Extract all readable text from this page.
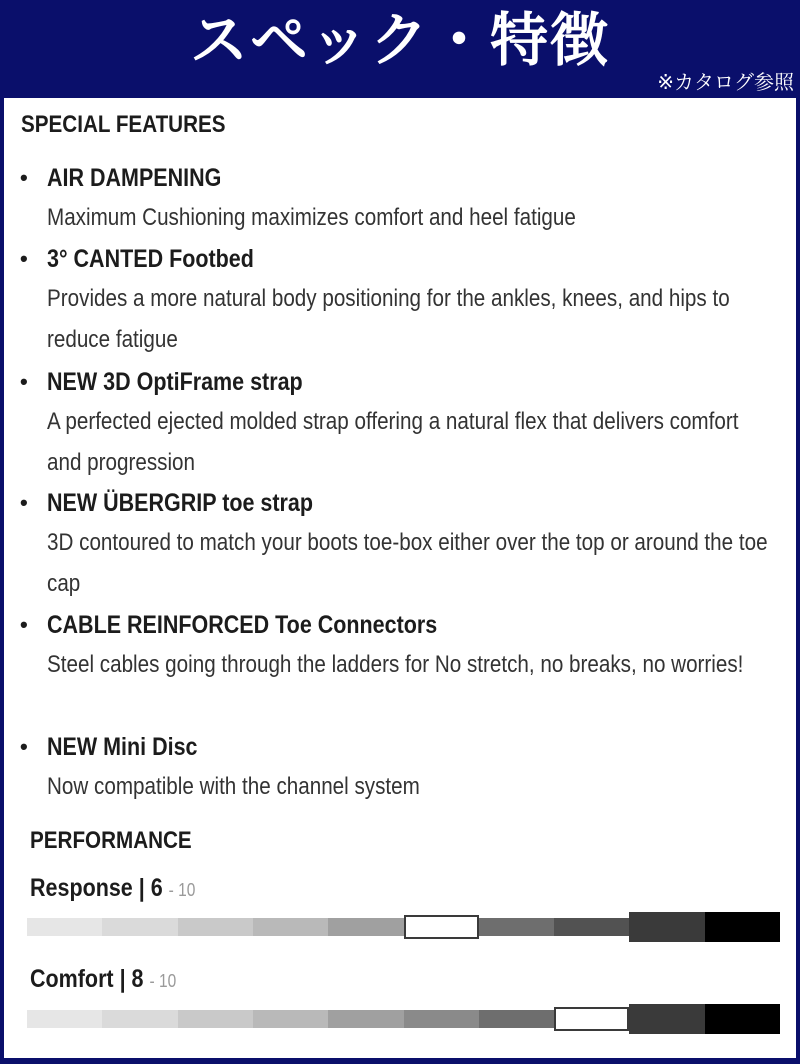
スペック・特徴
※カタログ参照
SPECIAL FEATURES
• AIR DAMPENING
Maximum Cushioning maximizes comfort and heel fatigue
• 3° CANTED Footbed
Provides a more natural body positioning for the ankles, knees, and hips to reduce fatigue
• NEW 3D OptiFrame strap
A perfected ejected molded strap offering a natural flex that delivers comfort and progression
• NEW ÜBERGRIP toe strap
3D contoured to match your boots toe-box either over the top or around the toe cap
• CABLE REINFORCED Toe Connectors
Steel cables going through the ladders for No stretch, no breaks, no worries!
• NEW Mini Disc
Now compatible with the channel system
PERFORMANCE
Response | 6 - 10
Comfort | 8 - 10
